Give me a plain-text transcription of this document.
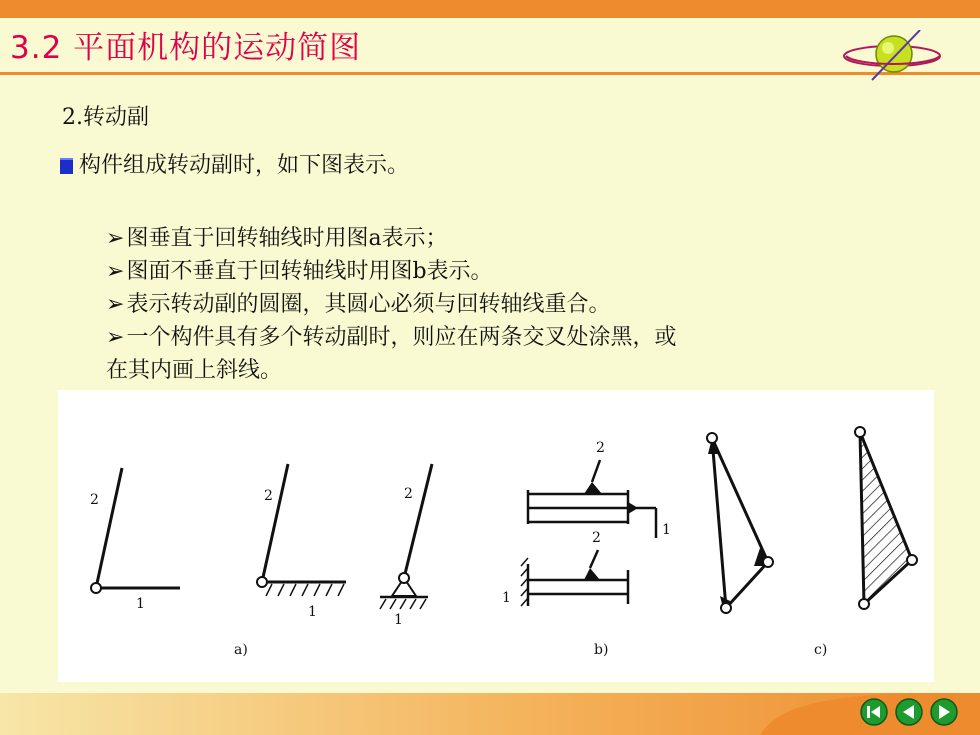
3.2 平面机构的运动简图
2.转动副
构件组成转动副时，如下图表示。
➢图垂直于回转轴线时用图a表示；
➢图面不垂直于回转轴线时用图b表示。
➢表示转动副的圆圈，其圆心必须与回转轴线重合。
➢一个构件具有多个转动副时，则应在两条交叉处涂黑，或
在其内画上斜线。
2
1
2
1
2
1
a)
2
1
2
1
b)	c)
